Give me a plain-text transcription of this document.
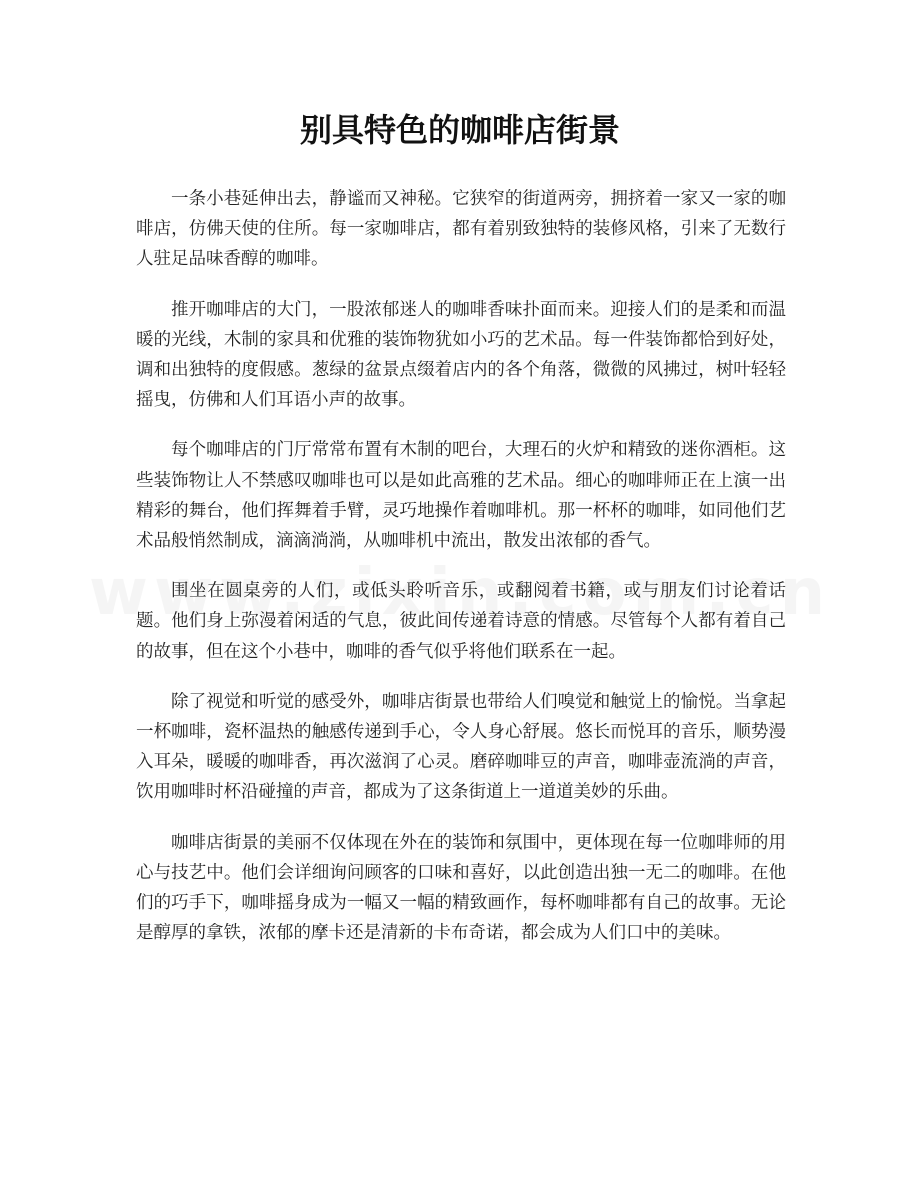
别具特色的咖啡店街景

一条小巷延伸出去，静谧而又神秘。它狭窄的街道两旁，拥挤着一家又一家的咖啡店，仿佛天使的住所。每一家咖啡店，都有着别致独特的装修风格，引来了无数行人驻足品味香醇的咖啡。

推开咖啡店的大门，一股浓郁迷人的咖啡香味扑面而来。迎接人们的是柔和而温暖的光线，木制的家具和优雅的装饰物犹如小巧的艺术品。每一件装饰都恰到好处，调和出独特的度假感。葱绿的盆景点缀着店内的各个角落，微微的风拂过，树叶轻轻摇曳，仿佛和人们耳语小声的故事。

每个咖啡店的门厅常常布置有木制的吧台，大理石的火炉和精致的迷你酒柜。这些装饰物让人不禁感叹咖啡也可以是如此高雅的艺术品。细心的咖啡师正在上演一出精彩的舞台，他们挥舞着手臂，灵巧地操作着咖啡机。那一杯杯的咖啡，如同他们艺术品般悄然制成，滴滴淌淌，从咖啡机中流出，散发出浓郁的香气。

围坐在圆桌旁的人们，或低头聆听音乐，或翻阅着书籍，或与朋友们讨论着话题。他们身上弥漫着闲适的气息，彼此间传递着诗意的情感。尽管每个人都有着自己的故事，但在这个小巷中，咖啡的香气似乎将他们联系在一起。

除了视觉和听觉的感受外，咖啡店街景也带给人们嗅觉和触觉上的愉悦。当拿起一杯咖啡，瓷杯温热的触感传递到手心，令人身心舒展。悠长而悦耳的音乐，顺势漫入耳朵，暖暖的咖啡香，再次滋润了心灵。磨碎咖啡豆的声音，咖啡壶流淌的声音，饮用咖啡时杯沿碰撞的声音，都成为了这条街道上一道道美妙的乐曲。

咖啡店街景的美丽不仅体现在外在的装饰和氛围中，更体现在每一位咖啡师的用心与技艺中。他们会详细询问顾客的口味和喜好，以此创造出独一无二的咖啡。在他们的巧手下，咖啡摇身成为一幅又一幅的精致画作，每杯咖啡都有自己的故事。无论是醇厚的拿铁，浓郁的摩卡还是清新的卡布奇诺，都会成为人们口中的美味。
